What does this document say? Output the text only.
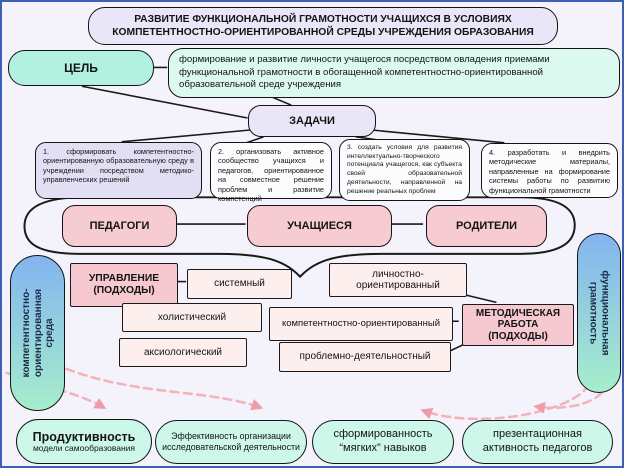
РАЗВИТИЕ ФУНКЦИОНАЛЬНОЙ ГРАМОТНОСТИ УЧАЩИХСЯ В УСЛОВИЯХ КОМПЕТЕНТНОСТНО-ОРИЕНТИРОВАННОЙ СРЕДЫ УЧРЕЖДЕНИЯ ОБРАЗОВАНИЯ
ЦЕЛЬ
формирование и развитие личности учащегося посредством овладения приемами функциональной грамотности в обогащенной компетентностно-ориентированной образовательной среде учреждения
ЗАДАЧИ
1. сформировать компетентностно-ориентированную образовательную среду в учреждении посредством методико-управленческих решений
2. организовать активное сообщество учащихся и педагогов, ориентированное на совместное решение проблем и развитие компетенций
3. создать условия для развития интеллектуально-творческого потенциала учащегося, как субъекта своей образовательной деятельности, направленной на решение реальных проблем
4. разработать и внедрить методические материалы, направленные на формирование системы работы по развитию функциональной грамотности
ПЕДАГОГИ	УЧАЩИЕСЯ	РОДИТЕЛИ
компетентностно-ориентированная среда	функциональная грамотность
УПРАВЛЕНИЕ (ПОДХОДЫ)
системный
холистический
аксиологический
личностно-ориентированный
компетентностно-ориентированный
проблемно-деятельностный
МЕТОДИЧЕСКАЯ РАБОТА (ПОДХОДЫ)
Продуктивность
модели самообразования
Эффективность организации исследовательской деятельности
сформированность “мягких” навыков
презентационная активность педагогов
